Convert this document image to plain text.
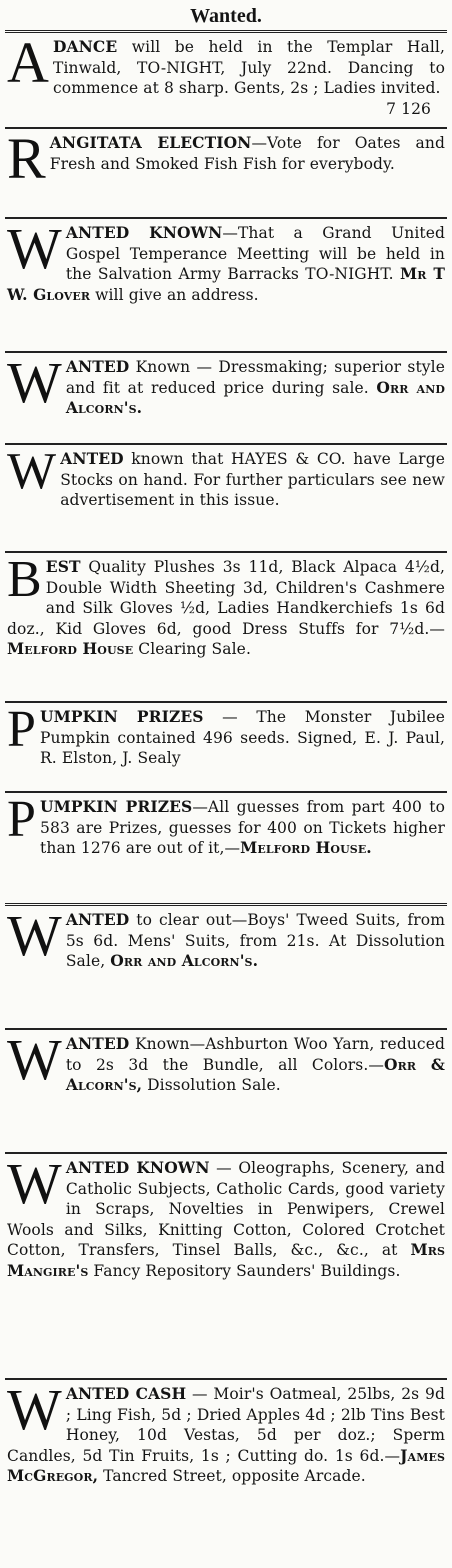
Wanted.
A DANCE will be held in the Templar Hall, Tinwald, TO-NIGHT, July 22nd. Dancing to commence at 8 sharp. Gents, 2s ; Ladies invited.
7 126
R ANGITATA ELECTION—Vote for Oates and Fresh and Smoked Fish Fish for everybody.
W ANTED KNOWN—That a Grand United Gospel Temperance Meetting will be held in the Salvation Army Barracks TO-NIGHT. Mr T W. Glover will give an address.
W ANTED Known — Dressmaking; superior style and fit at reduced price during sale. Orr and Alcorn's.
W ANTED known that HAYES & CO. have Large Stocks on hand. For further particulars see new advertisement in this issue.
B EST Quality Plushes 3s 11d, Black Alpaca 4½d, Double Width Sheeting 3d, Children's Cashmere and Silk Gloves ½d, Ladies Handkerchiefs 1s 6d doz., Kid Gloves 6d, good Dress Stuffs for 7½d.—Melford House Clearing Sale.
P UMPKIN PRIZES — The Monster Jubilee Pumpkin contained 496 seeds. Signed, E. J. Paul, R. Elston, J. Sealy
P UMPKIN PRIZES—All guesses from part 400 to 583 are Prizes, guesses for 400 on Tickets higher than 1276 are out of it,—Melford House.
W ANTED to clear out—Boys' Tweed Suits, from 5s 6d. Mens' Suits, from 21s. At Dissolution Sale, Orr and Alcorn's.
W ANTED Known—Ashburton Woo Yarn, reduced to 2s 3d the Bundle, all Colors.—Orr & Alcorn's, Dissolution Sale.
W ANTED KNOWN — Oleographs, Scenery, and Catholic Subjects, Catholic Cards, good variety in Scraps, Novelties in Penwipers, Crewel Wools and Silks, Knitting Cotton, Colored Crotchet Cotton, Transfers, Tinsel Balls, &c., &c., at Mrs Mangire's Fancy Repository Saunders' Buildings.
W ANTED CASH — Moir's Oatmeal, 25lbs, 2s 9d ; Ling Fish, 5d ; Dried Apples 4d ; 2lb Tins Best Honey, 10d Vestas, 5d per doz.; Sperm Candles, 5d Tin Fruits, 1s ; Cutting do. 1s 6d.—James McGregor, Tancred Street, opposite Arcade.
